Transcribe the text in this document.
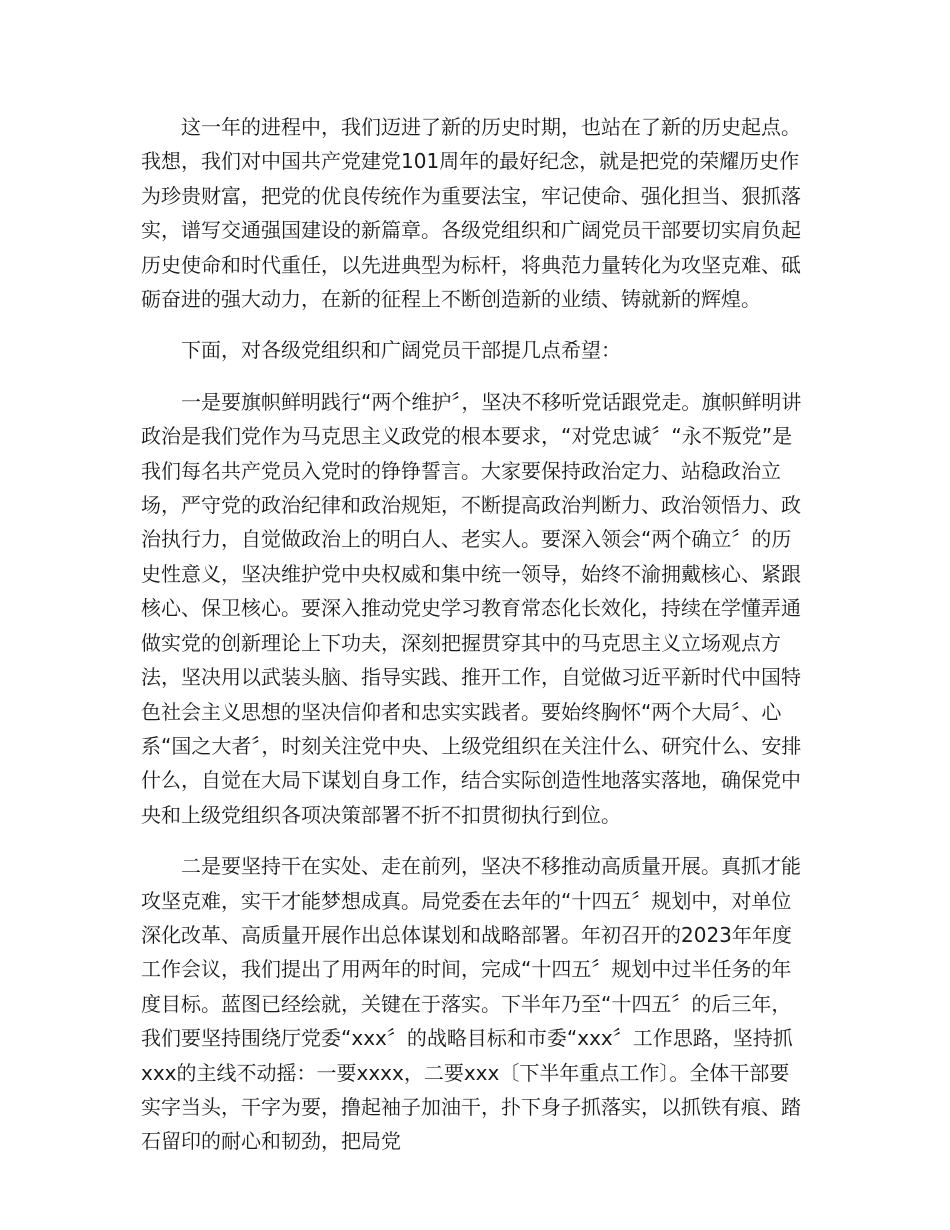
这一年的进程中，我们迈进了新的历史时期，也站在了新的历史起点。我想，我们对中国共产党建党101周年的最好纪念，就是把党的荣耀历史作为珍贵财富，把党的优良传统作为重要法宝，牢记使命、强化担当、狠抓落实，谱写交通强国建设的新篇章。各级党组织和广阔党员干部要切实肩负起历史使命和时代重任，以先进典型为标杆，将典范力量转化为攻坚克难、砥砺奋进的强大动力，在新的征程上不断创造新的业绩、铸就新的辉煌。

下面，对各级党组织和广阔党员干部提几点希望：

一是要旗帜鲜明践行“两个维护〞，坚决不移听党话跟党走。旗帜鲜明讲政治是我们党作为马克思主义政党的根本要求，“对党忠诚〞“永不叛党”是我们每名共产党员入党时的铮铮誓言。大家要保持政治定力、站稳政治立场，严守党的政治纪律和政治规矩，不断提高政治判断力、政治领悟力、政治执行力，自觉做政治上的明白人、老实人。要深入领会“两个确立〞的历史性意义，坚决维护党中央权威和集中统一领导，始终不渝拥戴核心、紧跟核心、保卫核心。要深入推动党史学习教育常态化长效化，持续在学懂弄通做实党的创新理论上下功夫，深刻把握贯穿其中的马克思主义立场观点方法，坚决用以武装头脑、指导实践、推开工作，自觉做习近平新时代中国特色社会主义思想的坚决信仰者和忠实实践者。要始终胸怀“两个大局〞、心系“国之大者〞，时刻关注党中央、上级党组织在关注什么、研究什么、安排什么，自觉在大局下谋划自身工作，结合实际创造性地落实落地，确保党中央和上级党组织各项决策部署不折不扣贯彻执行到位。

二是要坚持干在实处、走在前列，坚决不移推动高质量开展。真抓才能攻坚克难，实干才能梦想成真。局党委在去年的“十四五〞规划中，对单位深化改革、高质量开展作出总体谋划和战略部署。年初召开的2023年年度工作会议，我们提出了用两年的时间，完成“十四五〞规划中过半任务的年度目标。蓝图已经绘就，关键在于落实。下半年乃至“十四五〞的后三年，我们要坚持围绕厅党委“xxx〞的战略目标和市委“xxx〞工作思路，坚持抓xxx的主线不动摇：一要xxxx，二要xxx〔下半年重点工作〕。全体干部要实字当头，干字为要，撸起袖子加油干，扑下身子抓落实，以抓铁有痕、踏石留印的耐心和韧劲，把局党
